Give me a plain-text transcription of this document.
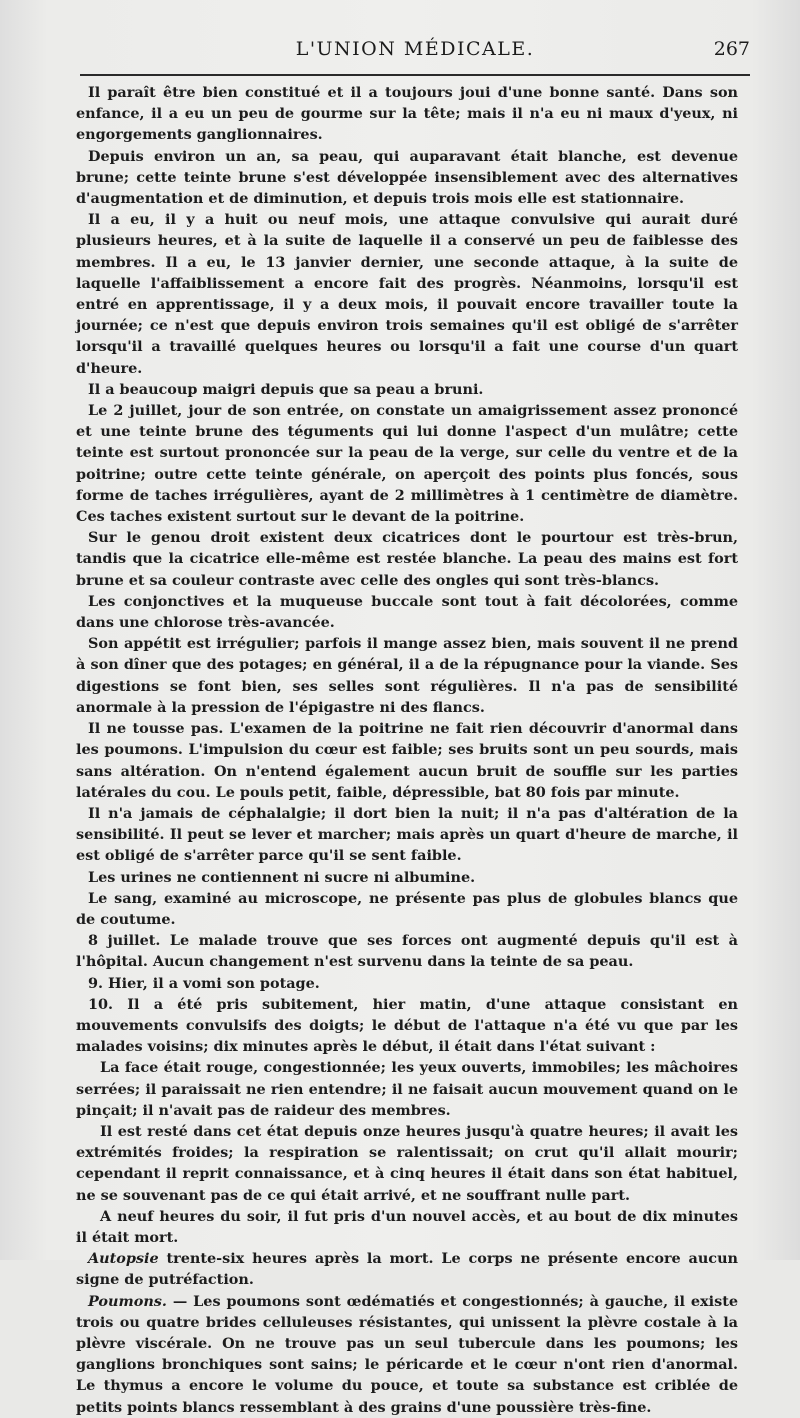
L'UNION MÉDICALE.	267

Il paraît être bien constitué et il a toujours joui d'une bonne santé. Dans son enfance, il a eu un peu de gourme sur la tête; mais il n'a eu ni maux d'yeux, ni engorgements ganglionnaires.

Depuis environ un an, sa peau, qui auparavant était blanche, est devenue brune; cette teinte brune s'est développée insensiblement avec des alternatives d'augmentation et de diminution, et depuis trois mois elle est stationnaire.

Il a eu, il y a huit ou neuf mois, une attaque convulsive qui aurait duré plusieurs heures, et à la suite de laquelle il a conservé un peu de faiblesse des membres. Il a eu, le 13 janvier dernier, une seconde attaque, à la suite de laquelle l'affaiblissement a encore fait des progrès. Néanmoins, lorsqu'il est entré en apprentissage, il y a deux mois, il pouvait encore travailler toute la journée; ce n'est que depuis environ trois semaines qu'il est obligé de s'arrêter lorsqu'il a travaillé quelques heures ou lorsqu'il a fait une course d'un quart d'heure.

Il a beaucoup maigri depuis que sa peau a bruni.

Le 2 juillet, jour de son entrée, on constate un amaigrissement assez prononcé et une teinte brune des téguments qui lui donne l'aspect d'un mulâtre; cette teinte est surtout prononcée sur la peau de la verge, sur celle du ventre et de la poitrine; outre cette teinte générale, on aperçoit des points plus foncés, sous forme de taches irrégulières, ayant de 2 millimètres à 1 centimètre de diamètre. Ces taches existent surtout sur le devant de la poitrine.

Sur le genou droit existent deux cicatrices dont le pourtour est très-brun, tandis que la cicatrice elle-même est restée blanche. La peau des mains est fort brune et sa couleur contraste avec celle des ongles qui sont très-blancs.

Les conjonctives et la muqueuse buccale sont tout à fait décolorées, comme dans une chlorose très-avancée.

Son appétit est irrégulier; parfois il mange assez bien, mais souvent il ne prend à son dîner que des potages; en général, il a de la répugnance pour la viande. Ses digestions se font bien, ses selles sont régulières. Il n'a pas de sensibilité anormale à la pression de l'épigastre ni des flancs.

Il ne tousse pas. L'examen de la poitrine ne fait rien découvrir d'anormal dans les poumons. L'impulsion du cœur est faible; ses bruits sont un peu sourds, mais sans altération. On n'entend également aucun bruit de souffle sur les parties latérales du cou. Le pouls petit, faible, dépressible, bat 80 fois par minute.

Il n'a jamais de céphalalgie; il dort bien la nuit; il n'a pas d'altération de la sensibilité. Il peut se lever et marcher; mais après un quart d'heure de marche, il est obligé de s'arrêter parce qu'il se sent faible.

Les urines ne contiennent ni sucre ni albumine.

Le sang, examiné au microscope, ne présente pas plus de globules blancs que de coutume.

8 juillet. Le malade trouve que ses forces ont augmenté depuis qu'il est à l'hôpital. Aucun changement n'est survenu dans la teinte de sa peau.

9. Hier, il a vomi son potage.

10. Il a été pris subitement, hier matin, d'une attaque consistant en mouvements convulsifs des doigts; le début de l'attaque n'a été vu que par les malades voisins; dix minutes après le début, il était dans l'état suivant :

La face était rouge, congestionnée; les yeux ouverts, immobiles; les mâchoires serrées; il paraissait ne rien entendre; il ne faisait aucun mouvement quand on le pinçait; il n'avait pas de raideur des membres.

Il est resté dans cet état depuis onze heures jusqu'à quatre heures; il avait les extrémités froides; la respiration se ralentissait; on crut qu'il allait mourir; cependant il reprit connaissance, et à cinq heures il était dans son état habituel, ne se souvenant pas de ce qui était arrivé, et ne souffrant nulle part.

A neuf heures du soir, il fut pris d'un nouvel accès, et au bout de dix minutes il était mort.

Autopsie trente-six heures après la mort. Le corps ne présente encore aucun signe de putréfaction.

Poumons. — Les poumons sont œdématiés et congestionnés; à gauche, il existe trois ou quatre brides celluleuses résistantes, qui unissent la plèvre costale à la plèvre viscérale. On ne trouve pas un seul tubercule dans les poumons; les ganglions bronchiques sont sains; le péricarde et le cœur n'ont rien d'anormal. Le thymus a encore le volume du pouce, et toute sa substance est criblée de petits points blancs ressemblant à des grains d'une poussière très-fine.
